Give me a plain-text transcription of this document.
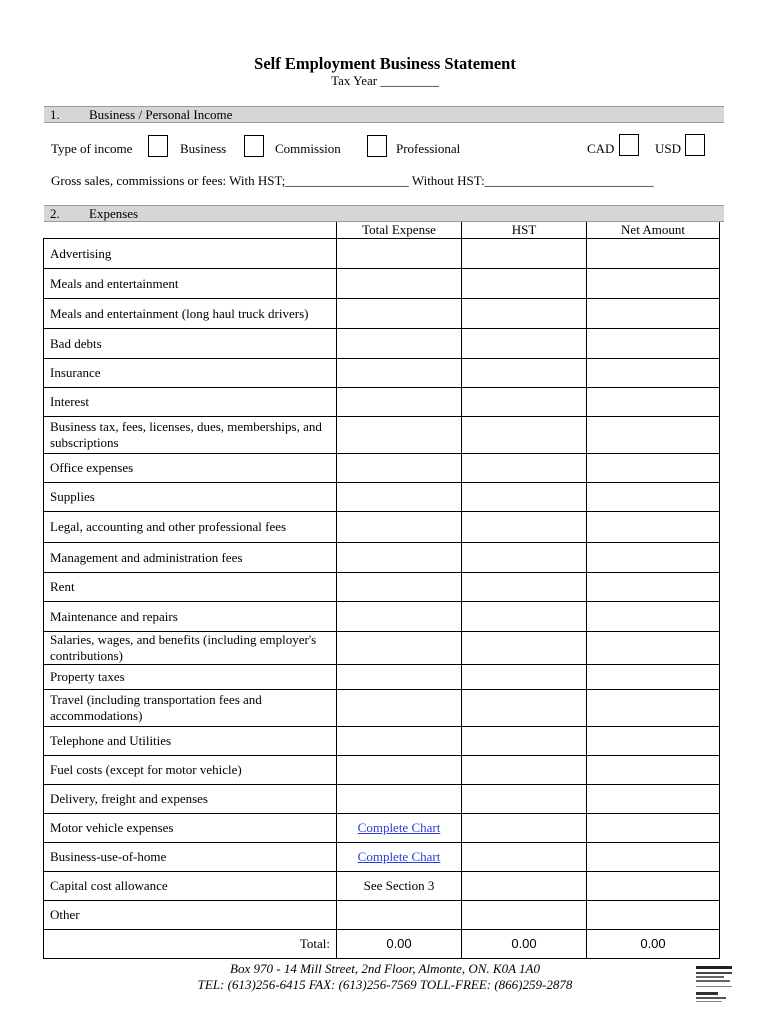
Self Employment Business Statement
Tax Year _________
1. Business / Personal Income
Type of income	Business	Commission	Professional	CAD	USD
Gross sales, commissions or fees: With HST;___________________ Without HST:__________________________
2. Expenses
	Total Expense	HST	Net Amount
Advertising			
Meals and entertainment			
Meals and entertainment (long haul truck drivers)			
Bad debts			
Insurance			
Interest			
Business tax, fees, licenses, dues, memberships, and subscriptions			
Office expenses			
Supplies			
Legal, accounting and other professional fees			
Management and administration fees			
Rent			
Maintenance and repairs			
Salaries, wages, and benefits (including employer's contributions)			
Property taxes			
Travel (including transportation fees and accommodations)			
Telephone and Utilities			
Fuel costs (except for motor vehicle)			
Delivery, freight and expenses			
Motor vehicle expenses	Complete Chart		
Business-use-of-home	Complete Chart		
Capital cost allowance	See Section 3		
Other			
Total:	0.00	0.00	0.00
Box 970 - 14 Mill Street, 2nd Floor, Almonte, ON. K0A 1A0
TEL: (613)256-6415 FAX: (613)256-7569 TOLL-FREE: (866)259-2878
